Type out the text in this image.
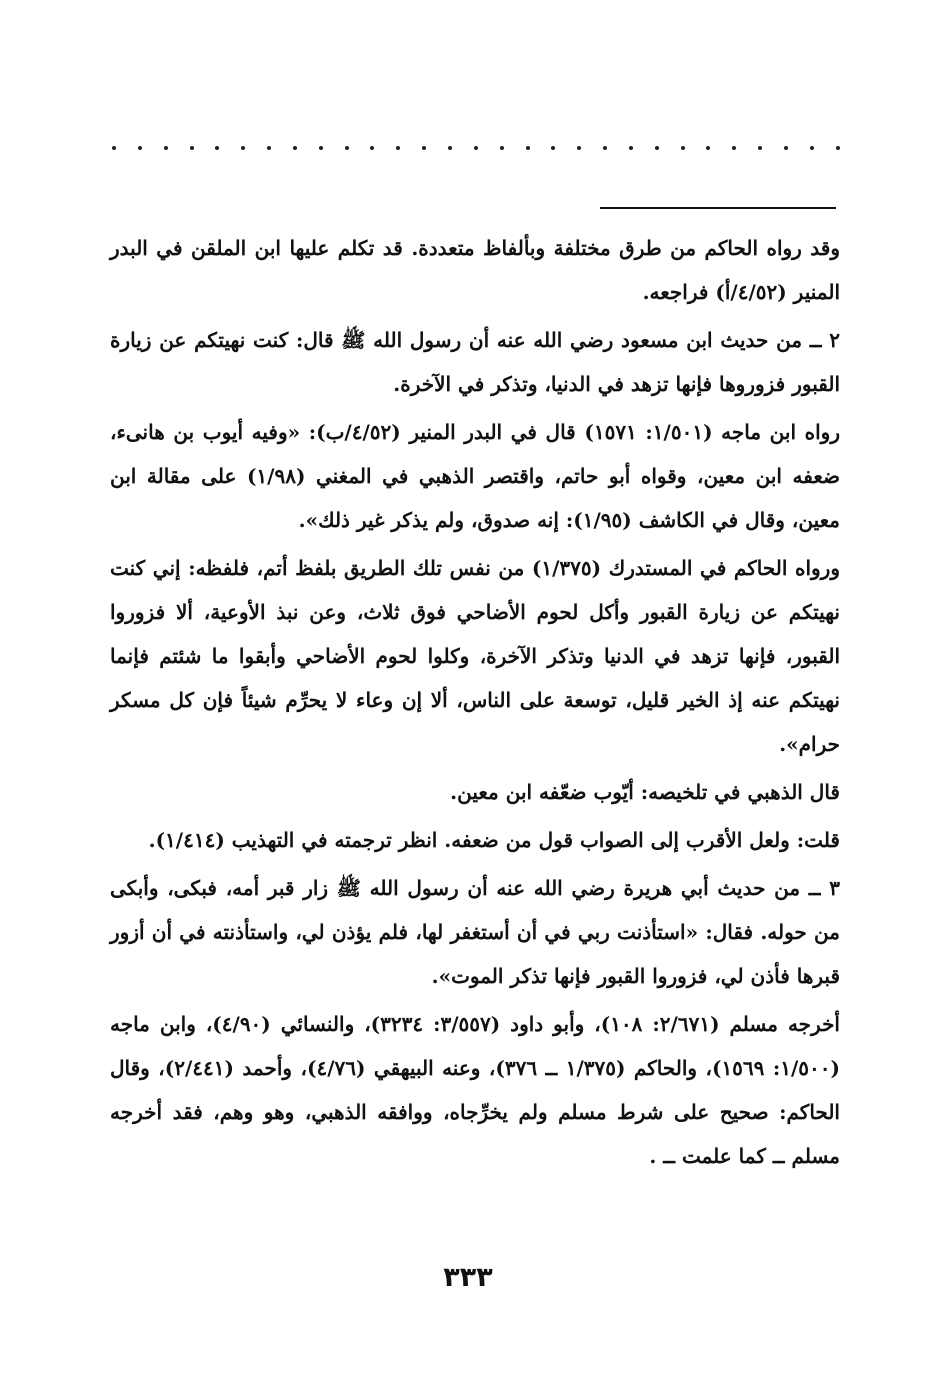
وقد رواه الحاكم من طرق مختلفة وبألفاظ متعددة. قد تكلم عليها ابن الملقن في البدر المنير (٤/٥٢/أ) فراجعه.

٢ ــ من حديث ابن مسعود رضي الله عنه أن رسول الله ﷺ قال: كنت نهيتكم عن زيارة القبور فزوروها فإنها تزهد في الدنيا، وتذكر في الآخرة.

رواه ابن ماجه (١/٥٠١: ١٥٧١) قال في البدر المنير (٤/٥٢/ب): «وفيه أيوب بن هانىء، ضعفه ابن معين، وقواه أبو حاتم، واقتصر الذهبي في المغني (١/٩٨) على مقالة ابن معين، وقال في الكاشف (١/٩٥): إنه صدوق، ولم يذكر غير ذلك».

ورواه الحاكم في المستدرك (١/٣٧٥) من نفس تلك الطريق بلفظ أتم، فلفظه: إني كنت نهيتكم عن زيارة القبور وأكل لحوم الأضاحي فوق ثلاث، وعن نبذ الأوعية، ألا فزوروا القبور، فإنها تزهد في الدنيا وتذكر الآخرة، وكلوا لحوم الأضاحي وأبقوا ما شئتم فإنما نهيتكم عنه إذ الخير قليل، توسعة على الناس، ألا إن وعاء لا يحرِّم شيئاً فإن كل مسكر حرام».

قال الذهبي في تلخيصه: أيّوب ضعّفه ابن معين.

قلت: ولعل الأقرب إلى الصواب قول من ضعفه. انظر ترجمته في التهذيب (١/٤١٤).

٣ ــ من حديث أبي هريرة رضي الله عنه أن رسول الله ﷺ زار قبر أمه، فبكى، وأبكى من حوله. فقال: «استأذنت ربي في أن أستغفر لها، فلم يؤذن لي، واستأذنته في أن أزور قبرها فأذن لي، فزوروا القبور فإنها تذكر الموت».

أخرجه مسلم (٢/٦٧١: ١٠٨)، وأبو داود (٣/٥٥٧: ٣٢٣٤)، والنسائي (٤/٩٠)، وابن ماجه (١/٥٠٠: ١٥٦٩)، والحاكم (١/٣٧٥ ــ ٣٧٦)، وعنه البيهقي (٤/٧٦)، وأحمد (٢/٤٤١)، وقال الحاكم: صحيح على شرط مسلم ولم يخرِّجاه، ووافقه الذهبي، وهو وهم، فقد أخرجه مسلم ــ كما علمت ــ .

٣٣٣
